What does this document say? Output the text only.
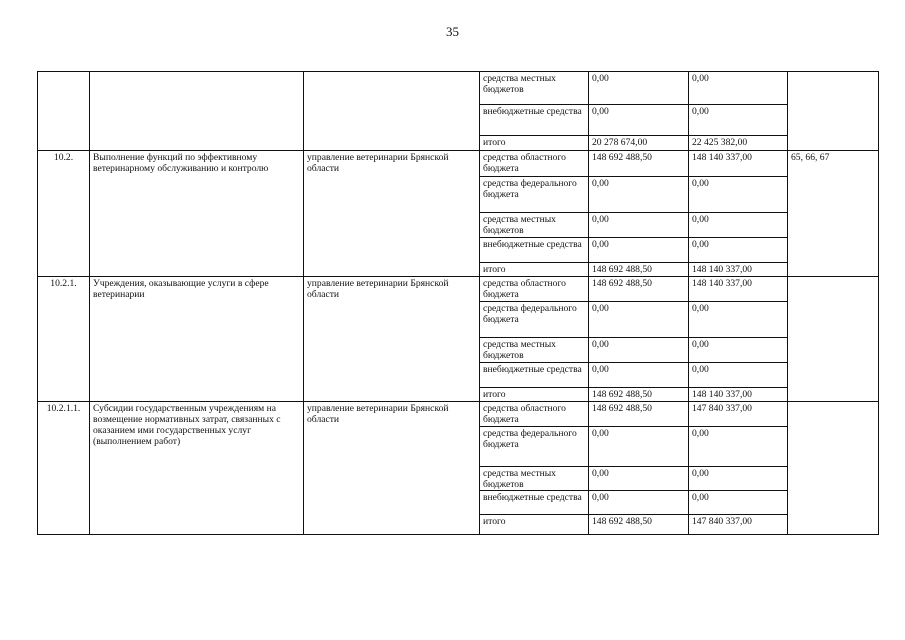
35
			средства местных бюджетов	0,00	0,00	
			внебюджетные средства	0,00	0,00	
			итого	20 278 674,00	22 425 382,00	
10.2.	Выполнение функций по эффективному ветеринарному обслуживанию и контролю	управление ветеринарии Брянской области	средства областного бюджета	148 692 488,50	148 140 337,00	65, 66, 67
			средства федерального бюджета	0,00	0,00	
			средства местных бюджетов	0,00	0,00	
			внебюджетные средства	0,00	0,00	
			итого	148 692 488,50	148 140 337,00	
10.2.1.	Учреждения, оказывающие услуги в сфере ветеринарии	управление ветеринарии Брянской области	средства областного бюджета	148 692 488,50	148 140 337,00	
			средства федерального бюджета	0,00	0,00	
			средства местных бюджетов	0,00	0,00	
			внебюджетные средства	0,00	0,00	
			итого	148 692 488,50	148 140 337,00	
10.2.1.1.	Субсидии государственным учреждениям на возмещение нормативных затрат, связанных с оказанием ими государственных услуг (выполнением работ)	управление ветеринарии Брянской области	средства областного бюджета	148 692 488,50	147 840 337,00	
			средства федерального бюджета	0,00	0,00	
			средства местных бюджетов	0,00	0,00	
			внебюджетные средства	0,00	0,00	
			итого	148 692 488,50	147 840 337,00	
